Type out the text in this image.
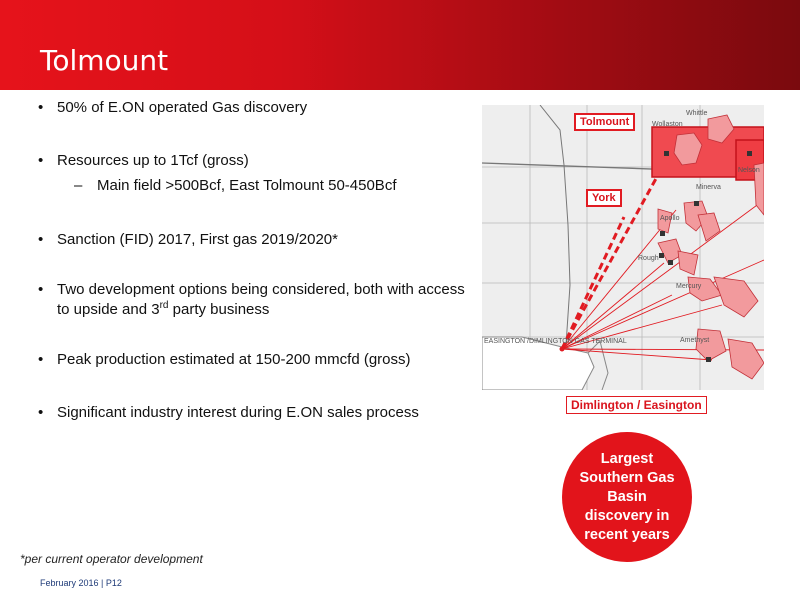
Tolmount
• 50% of E.ON operated Gas discovery
• Resources up to 1Tcf (gross)
– Main field >500Bcf, East Tolmount 50-450Bcf
• Sanction (FID) 2017, First gas 2019/2020*
• Two development options being considered, both with access to upside and 3rd party business
• Peak production estimated at 150-200 mmcfd (gross)
• Significant industry interest during E.ON sales process
Tolmount
York
EASINGTON /DIMLINGTON GAS TERMINAL
Minerva
Rough
Mercury
Amethyst
Nelson
Whittle
Wollaston
Apollo
Dimlington / Easington
Largest
Southern Gas
Basin
discovery in
recent years
*per current operator development
February 2016 | P12
